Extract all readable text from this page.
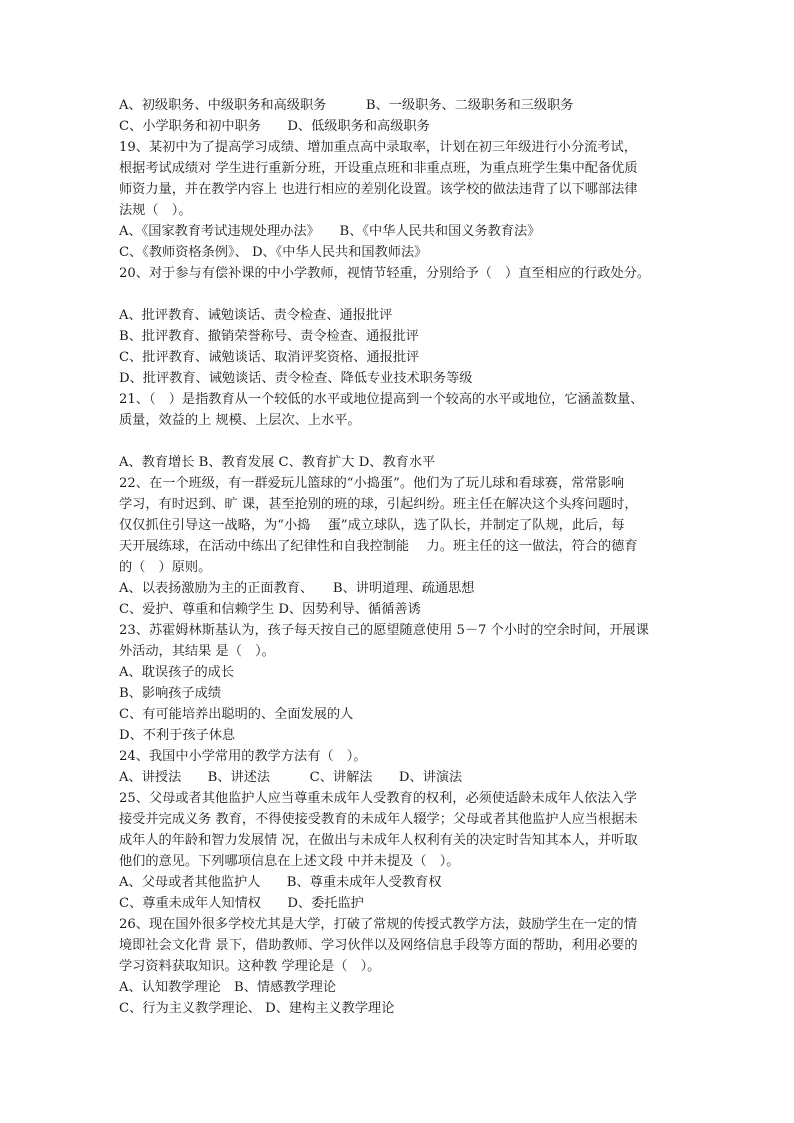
A、初级职务、中级职务和高级职务　　　B、一级职务、二级职务和三级职务
C、小学职务和初中职务　　D、低级职务和高级职务
19、某初中为了提高学习成绩、增加重点高中录取率，计划在初三年级进行小分流考试，
根据考试成绩对 学生进行重新分班，开设重点班和非重点班，为重点班学生集中配备优质
师资力量，并在教学内容上 也进行相应的差别化设置。该学校的做法违背了以下哪部法律
法规（　）。
A、《国家教育考试违规处理办法》　　B、《中华人民共和国义务教育法》
C、《教师资格条例》、 D、《中华人民共和国教师法》
20、对于参与有偿补课的中小学教师，视情节轻重，分别给予（　）直至相应的行政处分。
A、批评教育、诫勉谈话、责令检查、通报批评
B、批评教育、撤销荣誉称号、责令检查、通报批评
C、批评教育、诫勉谈话、取消评奖资格、通报批评
D、批评教育、诫勉谈话、责令检查、降低专业技术职务等级
21、（　）是指教育从一个较低的水平或地位提高到一个较高的水平或地位，它涵盖数量、
质量，效益的上 规模、上层次、上水平。
A、教育增长 B、教育发展 C、教育扩大 D、教育水平
22、在一个班级，有一群爱玩儿篮球的“小捣蛋”。他们为了玩儿球和看球赛，常常影响
学习，有时迟到、旷 课，甚至抢别的班的球，引起纠纷。班主任在解决这个头疼问题时，
仅仅抓住引导这一战略，为“小捣　 蛋”成立球队，选了队长，并制定了队规，此后，每
天开展练球，在活动中练出了纪律性和自我控制能　 力。班主任的这一做法，符合的德育
的（　）原则。
A、以表扬激励为主的正面教育、　　B、讲明道理、疏通思想
C、爱护、尊重和信赖学生 D、因势利导、循循善诱
23、苏霍姆林斯基认为，孩子每天按自己的愿望随意使用 5－7 个小时的空余时间，开展课
外活动，其结果 是（　）。
A、耽误孩子的成长
B、影响孩子成绩
C、有可能培养出聪明的、全面发展的人
D、不利于孩子休息
24、我国中小学常用的教学方法有（　）。
A、讲授法　　B、讲述法　　　C、讲解法　　D、讲演法
25、父母或者其他监护人应当尊重未成年人受教育的权利，必须使适龄未成年人依法入学
接受并完成义务 教育，不得使接受教育的未成年人辍学；父母或者其他监护人应当根据未
成年人的年龄和智力发展情 况，在做出与未成年人权利有关的决定时告知其本人，并听取
他们的意见。下列哪项信息在上述文段 中并未提及（　）。
A、父母或者其他监护人　　B、尊重未成年人受教育权
C、尊重未成年人知情权　　D、委托监护
26、现在国外很多学校尤其是大学，打破了常规的传授式教学方法，鼓励学生在一定的情
境即社会文化背 景下，借助教师、学习伙伴以及网络信息手段等方面的帮助，利用必要的
学习资料获取知识。这种教 学理论是（　）。
A、认知教学理论　B、情感教学理论
C、行为主义教学理论、 D、建构主义教学理论
